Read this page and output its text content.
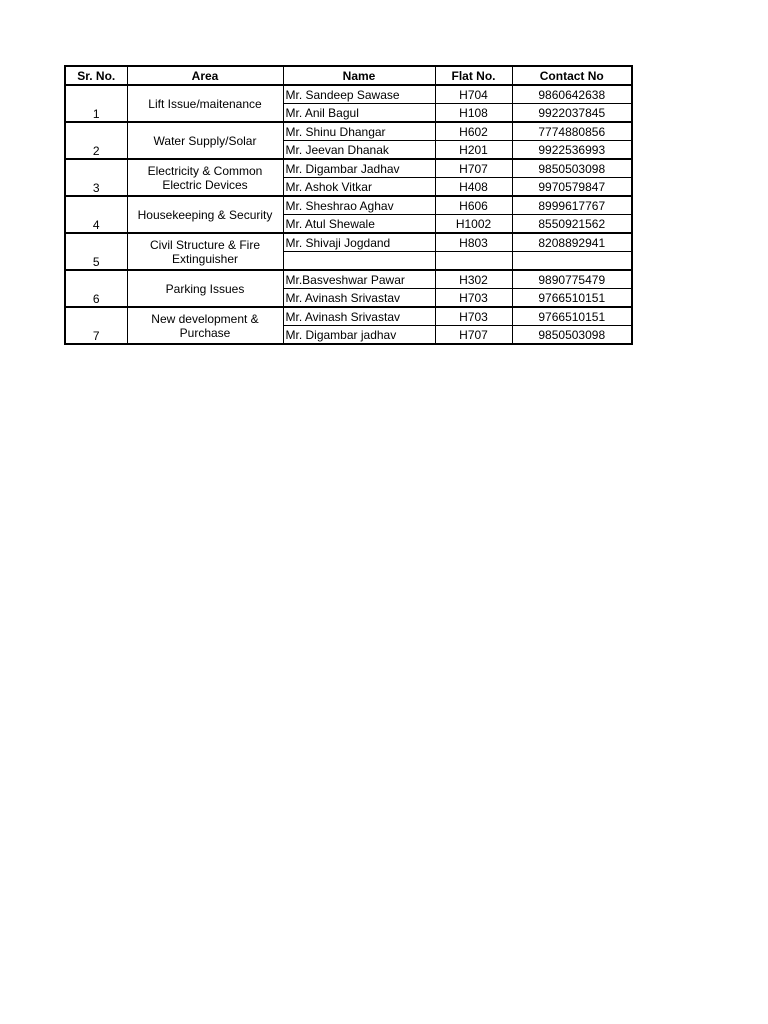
Sr. No.	Area	Name	Flat No.	Contact No
1	Lift Issue/maitenance	Mr. Sandeep Sawase	H704	9860642638
		Mr. Anil Bagul	H108	9922037845
2	Water Supply/Solar	Mr. Shinu Dhangar	H602	7774880856
		Mr. Jeevan Dhanak	H201	9922536993
3	Electricity & Common Electric Devices	Mr. Digambar Jadhav	H707	9850503098
		Mr. Ashok Vitkar	H408	9970579847
4	Housekeeping & Security	Mr. Sheshrao Aghav	H606	8999617767
		Mr. Atul Shewale	H1002	8550921562
5	Civil Structure & Fire Extinguisher	Mr. Shivaji Jogdand	H803	8208892941

6	Parking Issues	Mr.Basveshwar Pawar	H302	9890775479
		Mr. Avinash Srivastav	H703	9766510151
7	New development & Purchase	Mr. Avinash Srivastav	H703	9766510151
		Mr. Digambar jadhav	H707	9850503098
